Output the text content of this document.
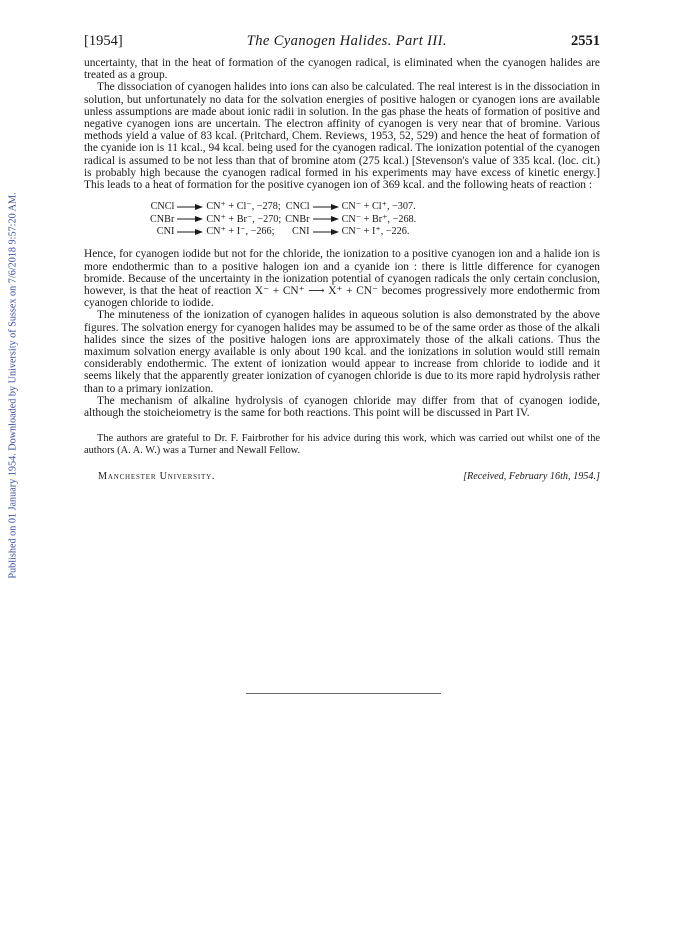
Published on 01 January 1954. Downloaded by University of Sussex on 7/6/2018 9:57:20 AM.
[1954]	The Cyanogen Halides. Part III.	2551

uncertainty, that in the heat of formation of the cyanogen radical, is eliminated when the cyanogen halides are treated as a group.

The dissociation of cyanogen halides into ions can also be calculated. The real interest is in the dissociation in solution, but unfortunately no data for the solvation energies of positive halogen or cyanogen ions are available unless assumptions are made about ionic radii in solution. In the gas phase the heats of formation of positive and negative cyanogen ions are uncertain. The electron affinity of cyanogen is very near that of bromine. Various methods yield a value of 83 kcal. (Pritchard, Chem. Reviews, 1953, 52, 529) and hence the heat of formation of the cyanide ion is 11 kcal., 94 kcal. being used for the cyanogen radical. The ionization potential of the cyanogen radical is assumed to be not less than that of bromine atom (275 kcal.) [Stevenson's value of 335 kcal. (loc. cit.) is probably high because the cyanogen radical formed in his experiments may have excess of kinetic energy.] This leads to a heat of formation for the positive cyanogen ion of 369 kcal. and the following heats of reaction :

CNCl		CN⁺ + Cl⁻, −278;	CNCl		CN⁻ + Cl⁺, −307.
CNBr		CN⁺ + Br⁻, −270;	CNBr		CN⁻ + Br⁺, −268.
CNI		CN⁺ + I⁻, −266;	CNI		CN⁻ + I⁺, −226.

Hence, for cyanogen iodide but not for the chloride, the ionization to a positive cyanogen ion and a halide ion is more endothermic than to a positive halogen ion and a cyanide ion : there is little difference for cyanogen bromide. Because of the uncertainty in the ionization potential of cyanogen radicals the only certain conclusion, however, is that the heat of reaction X⁻ + CN⁺ ⟶ X⁺ + CN⁻ becomes progressively more endothermic from cyanogen chloride to iodide.

The minuteness of the ionization of cyanogen halides in aqueous solution is also demonstrated by the above figures. The solvation energy for cyanogen halides may be assumed to be of the same order as those of the alkali halides since the sizes of the positive halogen ions are approximately those of the alkali cations. Thus the maximum solvation energy available is only about 190 kcal. and the ionizations in solution would still remain considerably endothermic. The extent of ionization would appear to increase from chloride to iodide and it seems likely that the apparently greater ionization of cyanogen chloride is due to its more rapid hydrolysis rather than to a primary ionization.

The mechanism of alkaline hydrolysis of cyanogen chloride may differ from that of cyanogen iodide, although the stoicheiometry is the same for both reactions. This point will be discussed in Part IV.

The authors are grateful to Dr. F. Fairbrother for his advice during this work, which was carried out whilst one of the authors (A. A. W.) was a Turner and Newall Fellow.

Manchester University.	[Received, February 16th, 1954.]
